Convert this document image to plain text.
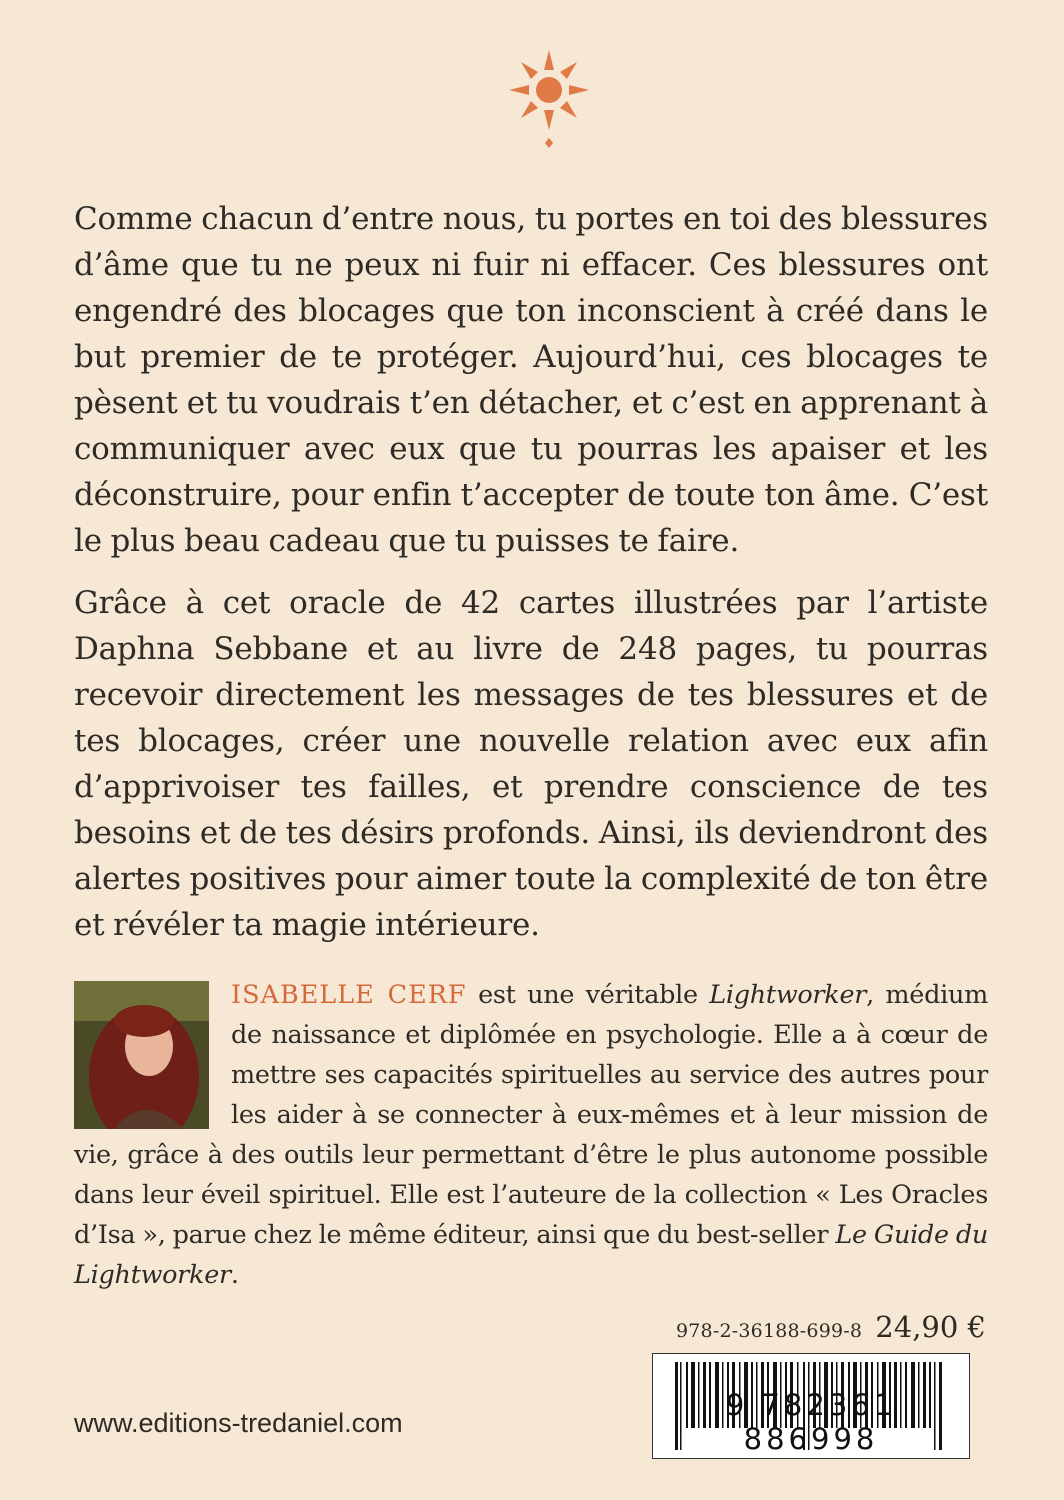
Comme chacun d’entre nous, tu portes en toi des blessures d’âme que tu ne peux ni fuir ni effacer. Ces blessures ont engendré des blocages que ton inconscient à créé dans le but premier de te protéger. Aujourd’hui, ces blocages te pèsent et tu voudrais t’en détacher, et c’est en apprenant à communiquer avec eux que tu pourras les apaiser et les déconstruire, pour enfin t’accepter de toute ton âme. C’est le plus beau cadeau que tu puisses te faire.

Grâce à cet oracle de 42 cartes illustrées par l’artiste Daphna Sebbane et au livre de 248 pages, tu pourras recevoir directement les messages de tes blessures et de tes blocages, créer une nouvelle relation avec eux afin d’apprivoiser tes failles, et prendre conscience de tes besoins et de tes désirs profonds. Ainsi, ils deviendront des alertes positives pour aimer toute la complexité de ton être et révéler ta magie intérieure.

ISABELLE CERF est une véritable Lightworker, médium de naissance et diplômée en psychologie. Elle a à cœur de mettre ses capacités spirituelles au service des autres pour les aider à se connecter à eux-mêmes et à leur mission de vie, grâce à des outils leur permettant d’être le plus autonome possible dans leur éveil spirituel. Elle est l’auteure de la collection « Les Oracles d’Isa », parue chez le même éditeur, ainsi que du best-seller Le Guide du Lightworker.
978-2-36188-699-8 24,90 €
9 782361 886998
www.editions-tredaniel.com
